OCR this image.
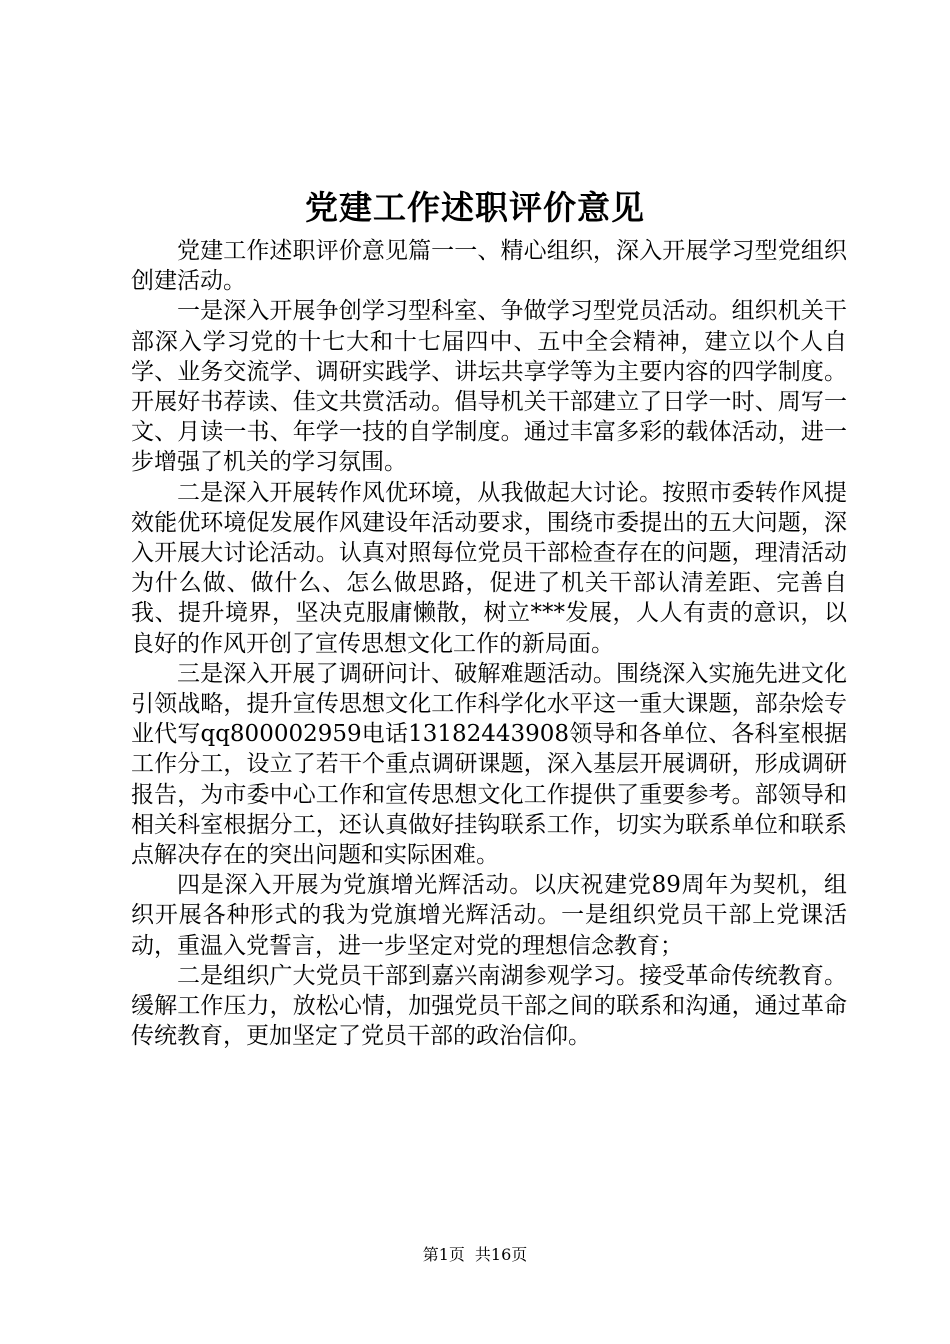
党建工作述职评价意见

党建工作述职评价意见篇一一、精心组织，深入开展学习型党组织创建活动。

一是深入开展争创学习型科室、争做学习型党员活动。组织机关干部深入学习党的十七大和十七届四中、五中全会精神，建立以个人自学、业务交流学、调研实践学、讲坛共享学等为主要内容的四学制度。开展好书荐读、佳文共赏活动。倡导机关干部建立了日学一时、周写一文、月读一书、年学一技的自学制度。通过丰富多彩的载体活动，进一步增强了机关的学习氛围。

二是深入开展转作风优环境，从我做起大讨论。按照市委转作风提效能优环境促发展作风建设年活动要求，围绕市委提出的五大问题，深入开展大讨论活动。认真对照每位党员干部检查存在的问题，理清活动为什么做、做什么、怎么做思路，促进了机关干部认清差距、完善自我、提升境界，坚决克服庸懒散，树立***发展，人人有责的意识，以良好的作风开创了宣传思想文化工作的新局面。

三是深入开展了调研问计、破解难题活动。围绕深入实施先进文化引领战略，提升宣传思想文化工作科学化水平这一重大课题，部杂烩专业代写qq800002959电话13182443908领导和各单位、各科室根据工作分工，设立了若干个重点调研课题，深入基层开展调研，形成调研报告，为市委中心工作和宣传思想文化工作提供了重要参考。部领导和相关科室根据分工，还认真做好挂钩联系工作，切实为联系单位和联系点解决存在的突出问题和实际困难。

四是深入开展为党旗增光辉活动。以庆祝建党89周年为契机，组织开展各种形式的我为党旗增光辉活动。一是组织党员干部上党课活动，重温入党誓言，进一步坚定对党的理想信念教育；

二是组织广大党员干部到嘉兴南湖参观学习。接受革命传统教育。缓解工作压力，放松心情，加强党员干部之间的联系和沟通，通过革命传统教育，更加坚定了党员干部的政治信仰。

第1页 共16页
